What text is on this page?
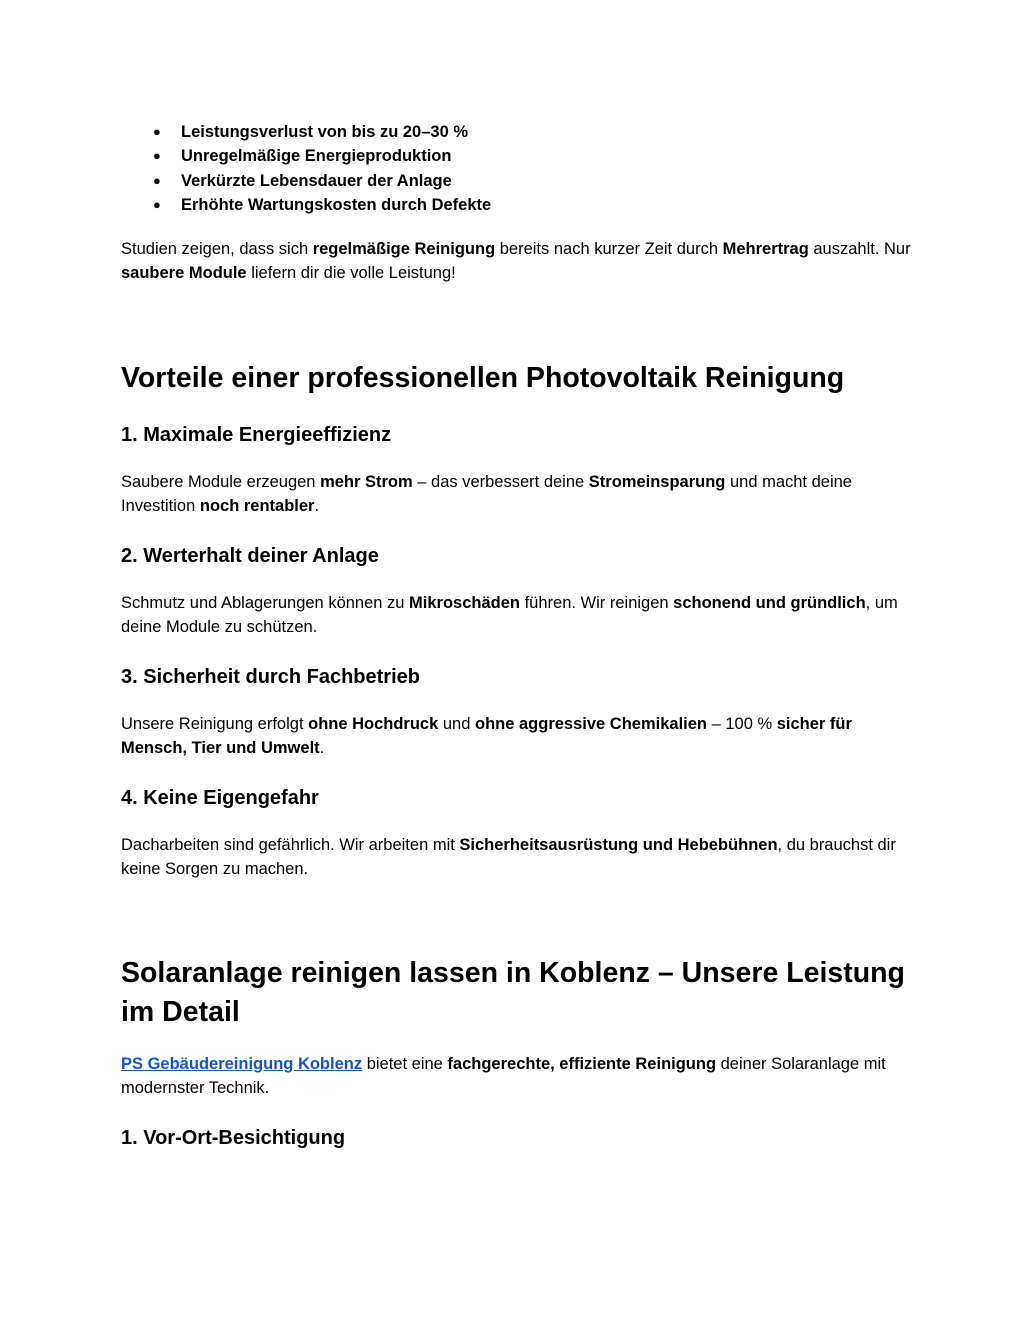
● Leistungsverlust von bis zu 20–30 %
● Unregelmäßige Energieproduktion
● Verkürzte Lebensdauer der Anlage
● Erhöhte Wartungskosten durch Defekte

Studien zeigen, dass sich regelmäßige Reinigung bereits nach kurzer Zeit durch Mehrertrag auszahlt. Nur saubere Module liefern dir die volle Leistung!

Vorteile einer professionellen Photovoltaik Reinigung
1. Maximale Energieeffizienz

Saubere Module erzeugen mehr Strom – das verbessert deine Stromeinsparung und macht deine Investition noch rentabler.

2. Werterhalt deiner Anlage

Schmutz und Ablagerungen können zu Mikroschäden führen. Wir reinigen schonend und gründlich, um deine Module zu schützen.

3. Sicherheit durch Fachbetrieb

Unsere Reinigung erfolgt ohne Hochdruck und ohne aggressive Chemikalien – 100 % sicher für Mensch, Tier und Umwelt.

4. Keine Eigengefahr

Dacharbeiten sind gefährlich. Wir arbeiten mit Sicherheitsausrüstung und Hebebühnen, du brauchst dir keine Sorgen zu machen.

Solaranlage reinigen lassen in Koblenz – Unsere Leistung im Detail

PS Gebäudereinigung Koblenz bietet eine fachgerechte, effiziente Reinigung deiner Solaranlage mit modernster Technik.

1. Vor-Ort-Besichtigung
